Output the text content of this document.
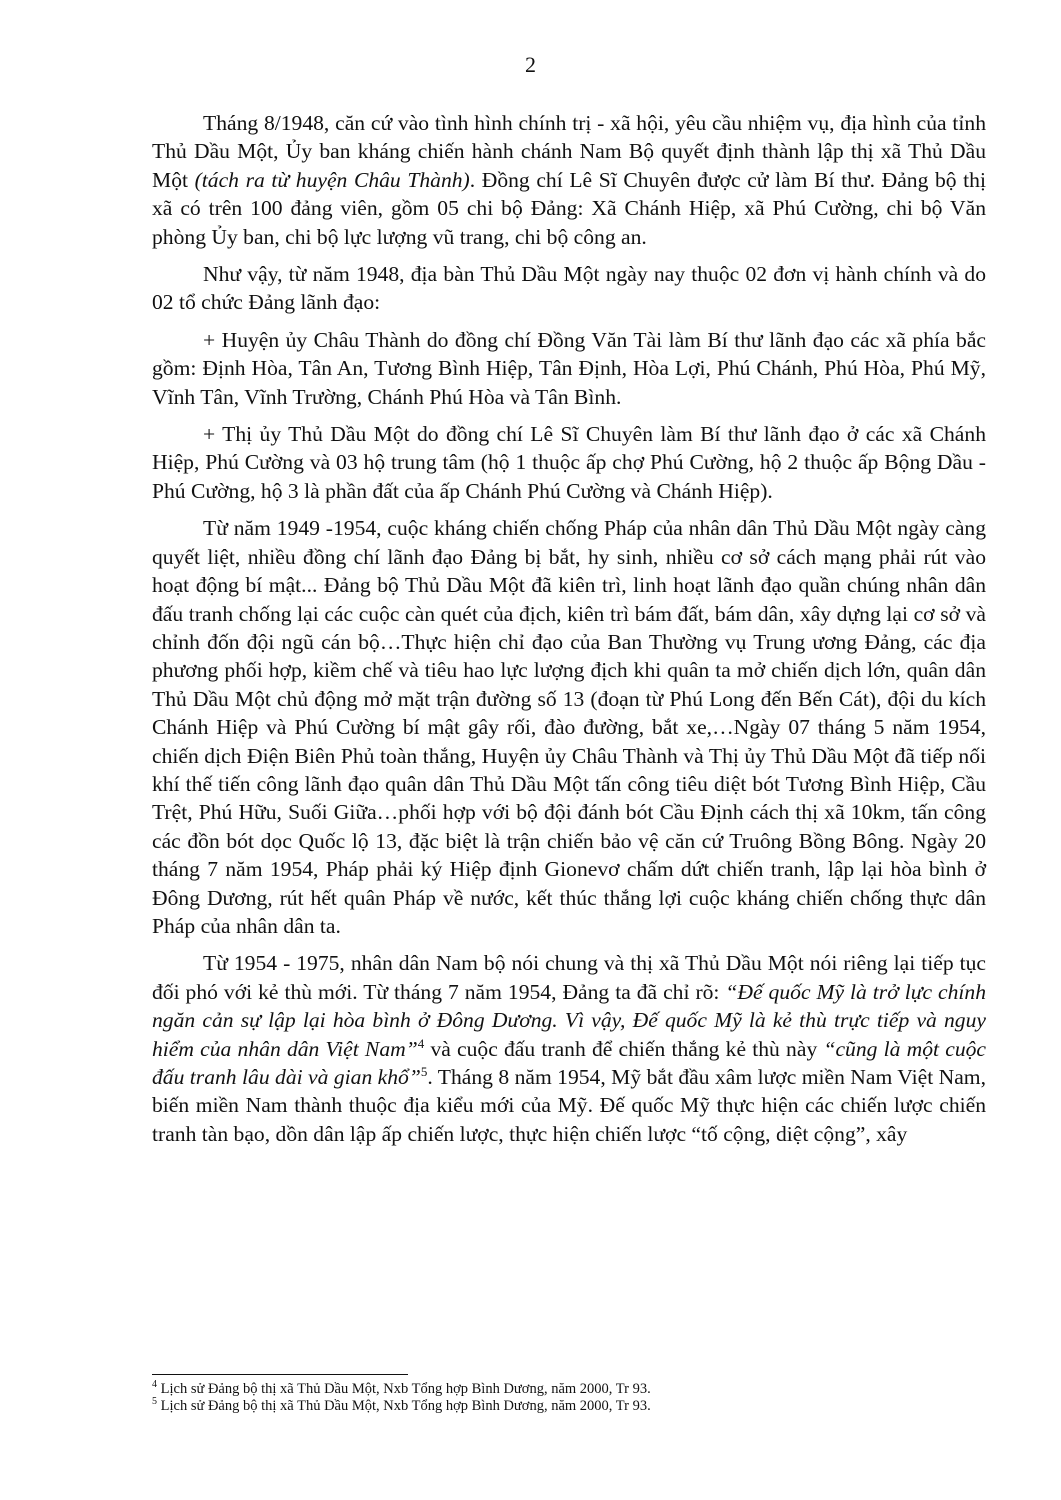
2

Tháng 8/1948, căn cứ vào tình hình chính trị - xã hội, yêu cầu nhiệm vụ, địa hình của tỉnh Thủ Dầu Một, Ủy ban kháng chiến hành chánh Nam Bộ quyết định thành lập thị xã Thủ Dầu Một (tách ra từ huyện Châu Thành). Đồng chí Lê Sĩ Chuyên được cử làm Bí thư. Đảng bộ thị xã có trên 100 đảng viên, gồm 05 chi bộ Đảng: Xã Chánh Hiệp, xã Phú Cường, chi bộ Văn phòng Ủy ban, chi bộ lực lượng vũ trang, chi bộ công an.

Như vậy, từ năm 1948, địa bàn Thủ Dầu Một ngày nay thuộc 02 đơn vị hành chính và do 02 tổ chức Đảng lãnh đạo:

+ Huyện ủy Châu Thành do đồng chí Đồng Văn Tài làm Bí thư lãnh đạo các xã phía bắc gồm: Định Hòa, Tân An, Tương Bình Hiệp, Tân Định, Hòa Lợi, Phú Chánh, Phú Hòa, Phú Mỹ, Vĩnh Tân, Vĩnh Trường, Chánh Phú Hòa và Tân Bình.

+ Thị ủy Thủ Dầu Một do đồng chí Lê Sĩ Chuyên làm Bí thư lãnh đạo ở các xã Chánh Hiệp, Phú Cường và 03 hộ trung tâm (hộ 1 thuộc ấp chợ Phú Cường, hộ 2 thuộc ấp Bộng Dầu - Phú Cường, hộ 3 là phần đất của ấp Chánh Phú Cường và Chánh Hiệp).

Từ năm 1949 -1954, cuộc kháng chiến chống Pháp của nhân dân Thủ Dầu Một ngày càng quyết liệt, nhiều đồng chí lãnh đạo Đảng bị bắt, hy sinh, nhiều cơ sở cách mạng phải rút vào hoạt động bí mật... Đảng bộ Thủ Dầu Một đã kiên trì, linh hoạt lãnh đạo quần chúng nhân dân đấu tranh chống lại các cuộc càn quét của địch, kiên trì bám đất, bám dân, xây dựng lại cơ sở và chỉnh đốn đội ngũ cán bộ…Thực hiện chỉ đạo của Ban Thường vụ Trung ương Đảng, các địa phương phối hợp, kiềm chế và tiêu hao lực lượng địch khi quân ta mở chiến dịch lớn, quân dân Thủ Dầu Một chủ động mở mặt trận đường số 13 (đoạn từ Phú Long đến Bến Cát), đội du kích Chánh Hiệp và Phú Cường bí mật gây rối, đào đường, bắt xe,…Ngày 07 tháng 5 năm 1954, chiến dịch Điện Biên Phủ toàn thắng, Huyện ủy Châu Thành và Thị ủy Thủ Dầu Một đã tiếp nối khí thế tiến công lãnh đạo quân dân Thủ Dầu Một tấn công tiêu diệt bót Tương Bình Hiệp, Cầu Trệt, Phú Hữu, Suối Giữa…phối hợp với bộ đội đánh bót Cầu Định cách thị xã 10km, tấn công các đồn bót dọc Quốc lộ 13, đặc biệt là trận chiến bảo vệ căn cứ Truông Bồng Bông. Ngày 20 tháng 7 năm 1954, Pháp phải ký Hiệp định Gionevơ chấm dứt chiến tranh, lập lại hòa bình ở Đông Dương, rút hết quân Pháp về nước, kết thúc thắng lợi cuộc kháng chiến chống thực dân Pháp của nhân dân ta.

Từ 1954 - 1975, nhân dân Nam bộ nói chung và thị xã Thủ Dầu Một nói riêng lại tiếp tục đối phó với kẻ thù mới. Từ tháng 7 năm 1954, Đảng ta đã chỉ rõ: “Đế quốc Mỹ là trở lực chính ngăn cản sự lập lại hòa bình ở Đông Dương. Vì vậy, Đế quốc Mỹ là kẻ thù trực tiếp và nguy hiểm của nhân dân Việt Nam”$^4$ và cuộc đấu tranh để chiến thắng kẻ thù này “cũng là một cuộc đấu tranh lâu dài và gian khổ”$^5$. Tháng 8 năm 1954, Mỹ bắt đầu xâm lược miền Nam Việt Nam, biến miền Nam thành thuộc địa kiểu mới của Mỹ. Đế quốc Mỹ thực hiện các chiến lược chiến tranh tàn bạo, dồn dân lập ấp chiến lược, thực hiện chiến lược “tố cộng, diệt cộng”, xây

$^4$ Lịch sử Đảng bộ thị xã Thủ Dầu Một, Nxb Tổng hợp Bình Dương, năm 2000, Tr 93.
$^5$ Lịch sử Đảng bộ thị xã Thủ Dầu Một, Nxb Tổng hợp Bình Dương, năm 2000, Tr 93.
